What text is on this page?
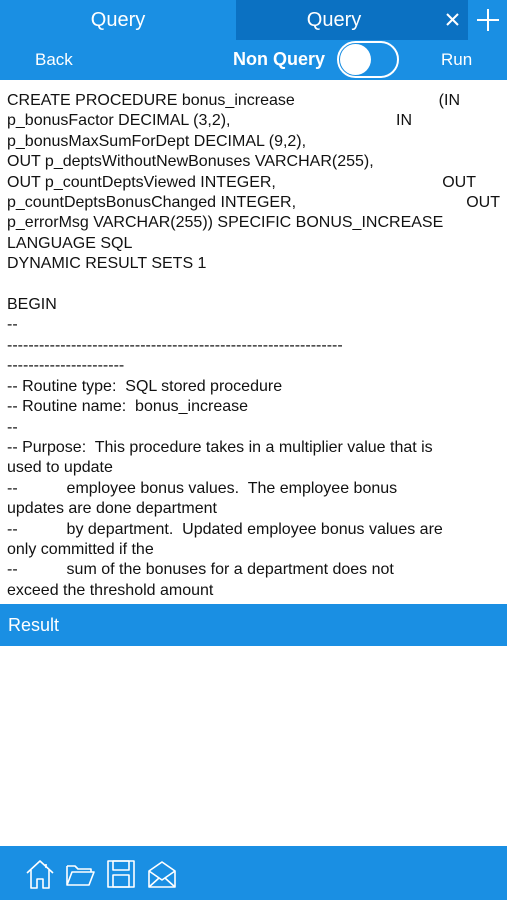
Query	Query
Back	Non Query	Run
CREATE PROCEDURE bonus_increase	(IN
p_bonusFactor DECIMAL (3,2),	IN
p_bonusMaxSumForDept DECIMAL (9,2),
OUT p_deptsWithoutNewBonuses VARCHAR(255),
OUT p_countDeptsViewed INTEGER,	OUT
p_countDeptsBonusChanged INTEGER,	OUT
p_errorMsg VARCHAR(255)) SPECIFIC BONUS_INCREASE
LANGUAGE SQL
DYNAMIC RESULT SETS 1
BEGIN
--
---------------------------------------------------------------
----------------------
-- Routine type:  SQL stored procedure
-- Routine name:  bonus_increase
--
-- Purpose:  This procedure takes in a multiplier value that is
used to update
--           employee bonus values.  The employee bonus
updates are done department
--           by department.  Updated employee bonus values are
only committed if the
--           sum of the bonuses for a department does not
exceed the threshold amount
Result
